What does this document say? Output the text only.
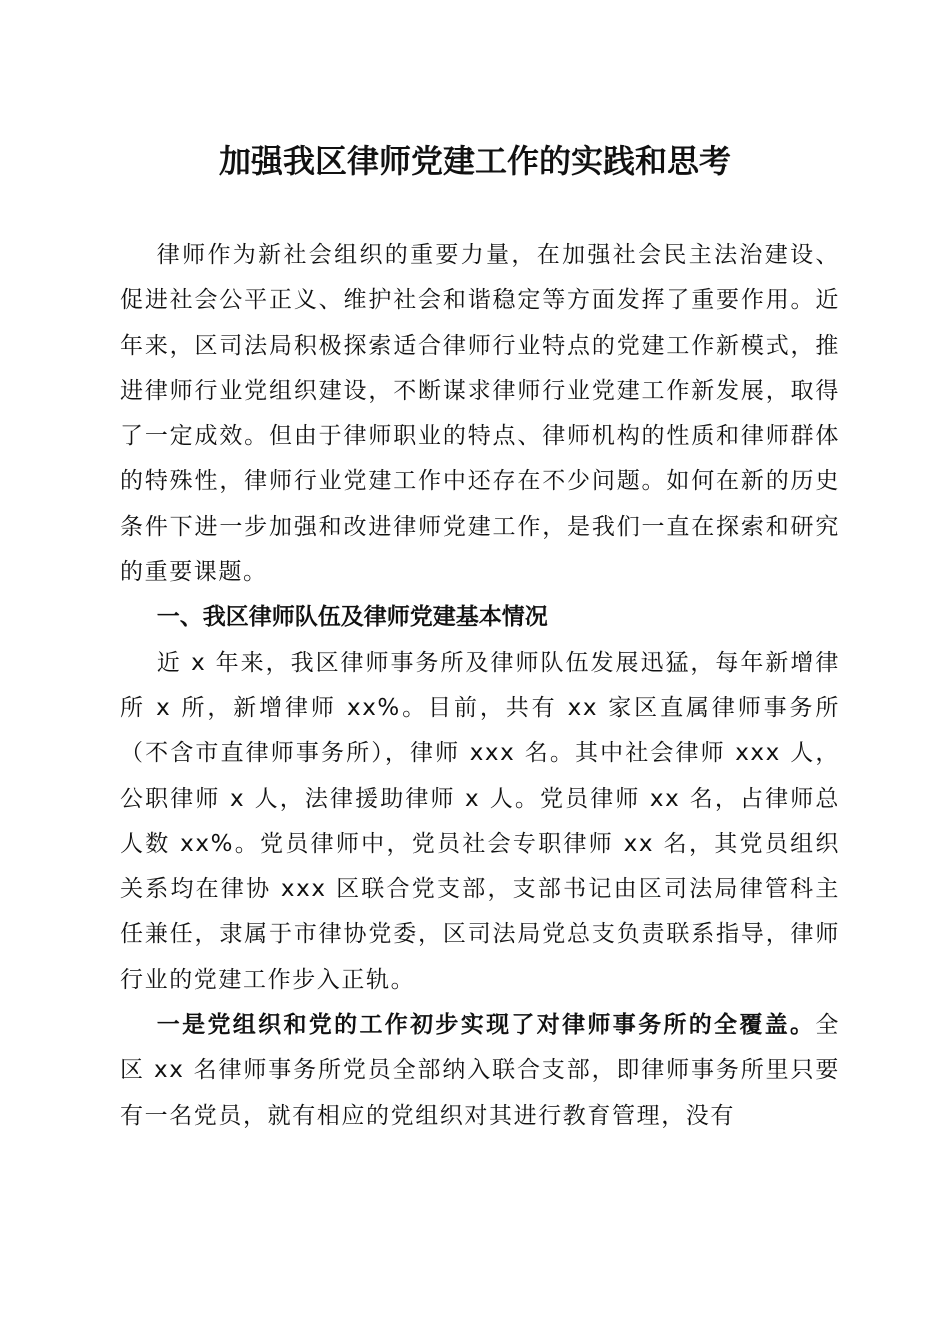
加强我区律师党建工作的实践和思考

律师作为新社会组织的重要力量，在加强社会民主法治建设、促进社会公平正义、维护社会和谐稳定等方面发挥了重要作用。近年来，区司法局积极探索适合律师行业特点的党建工作新模式，推进律师行业党组织建设，不断谋求律师行业党建工作新发展，取得了一定成效。但由于律师职业的特点、律师机构的性质和律师群体的特殊性，律师行业党建工作中还存在不少问题。如何在新的历史条件下进一步加强和改进律师党建工作，是我们一直在探索和研究的重要课题。

一、我区律师队伍及律师党建基本情况

近 x 年来，我区律师事务所及律师队伍发展迅猛，每年新增律所 x 所，新增律师 xx%。目前，共有 xx 家区直属律师事务所（不含市直律师事务所），律师 xxx 名。其中社会律师 xxx 人，公职律师 x 人，法律援助律师 x 人。党员律师 xx 名，占律师总人数 xx%。党员律师中，党员社会专职律师 xx 名，其党员组织关系均在律协 xxx 区联合党支部，支部书记由区司法局律管科主任兼任，隶属于市律协党委，区司法局党总支负责联系指导，律师行业的党建工作步入正轨。

一是党组织和党的工作初步实现了对律师事务所的全覆盖。全区 xx 名律师事务所党员全部纳入联合支部，即律师事务所里只要有一名党员，就有相应的党组织对其进行教育管理，没有
